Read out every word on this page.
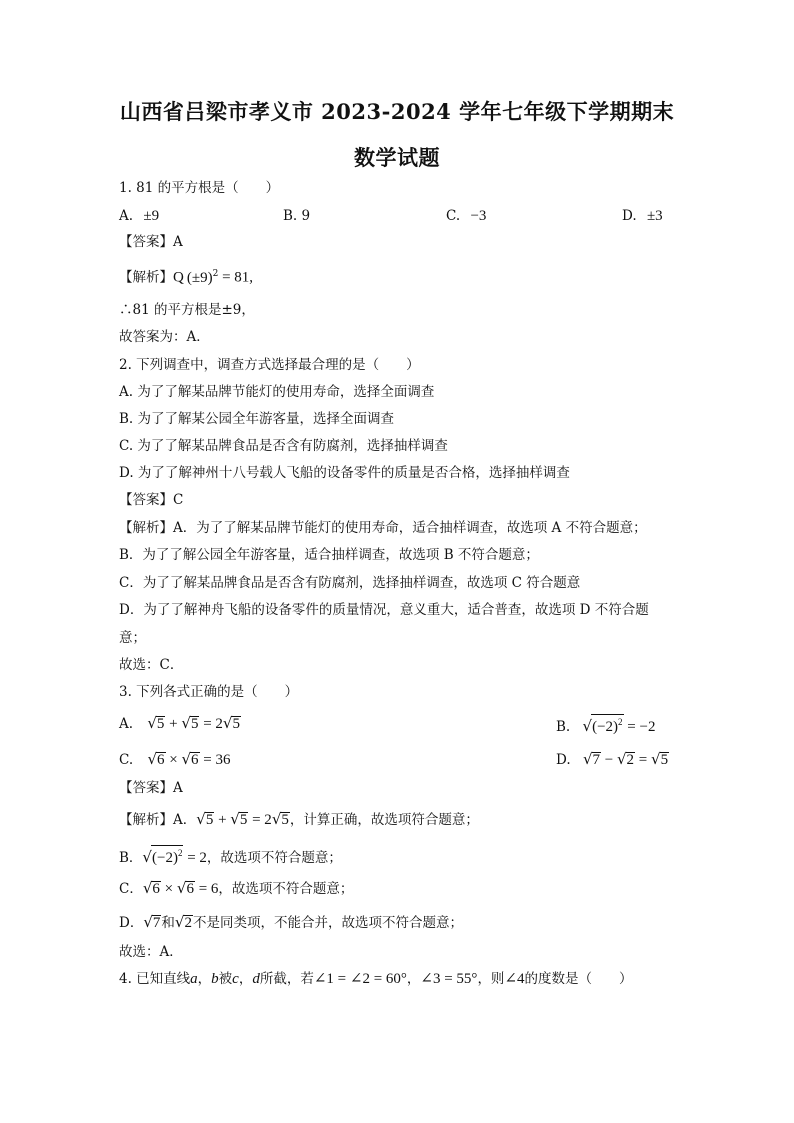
山西省吕梁市孝义市 2023-2024 学年七年级下学期期末
数学试题
1. 81 的平方根是（　　）
A. ±9	B. 9	C. −3	D. ±3
【答案】A
【解析】Q $(\pm 9)^2 = 81$,
∴81 的平方根是±9，
故答案为：A．
2. 下列调查中，调查方式选择最合理的是（　　）
A. 为了了解某品牌节能灯的使用寿命，选择全面调查
B. 为了了解某公园全年游客量，选择全面调查
C. 为了了解某品牌食品是否含有防腐剂，选择抽样调查
D. 为了了解神州十八号载人飞船的设备零件的质量是否合格，选择抽样调查
【答案】C
【解析】A．为了了解某品牌节能灯的使用寿命，适合抽样调查，故选项 A 不符合题意；
B．为了了解公园全年游客量，适合抽样调查，故选项 B 不符合题意；
C．为了了解某品牌食品是否含有防腐剂，选择抽样调查，故选项 C 符合题意
D．为了了解神舟飞船的设备零件的质量情况，意义重大，适合普查，故选项 D 不符合题
意；
故选：C．
3. 下列各式正确的是（　　）
A. √5 + √5 = 2√5	B. $√(-2)^2 = -2$
C. √6 × √6 = 36	D. √7 − √2 = √5
【答案】A
【解析】A．√5 + √5 = 2√5，计算正确，故选项符合题意；
B．$√(-2)^2 = 2$，故选项不符合题意；
C．√6 × √6 = 6，故选项不符合题意；
D．√7和√2不是同类项，不能合并，故选项不符合题意；
故选：A．
4. 已知直线a，b被c，d所截，若∠1 = ∠2 = 60°，∠3 = 55°，则∠4的度数是（　　）
